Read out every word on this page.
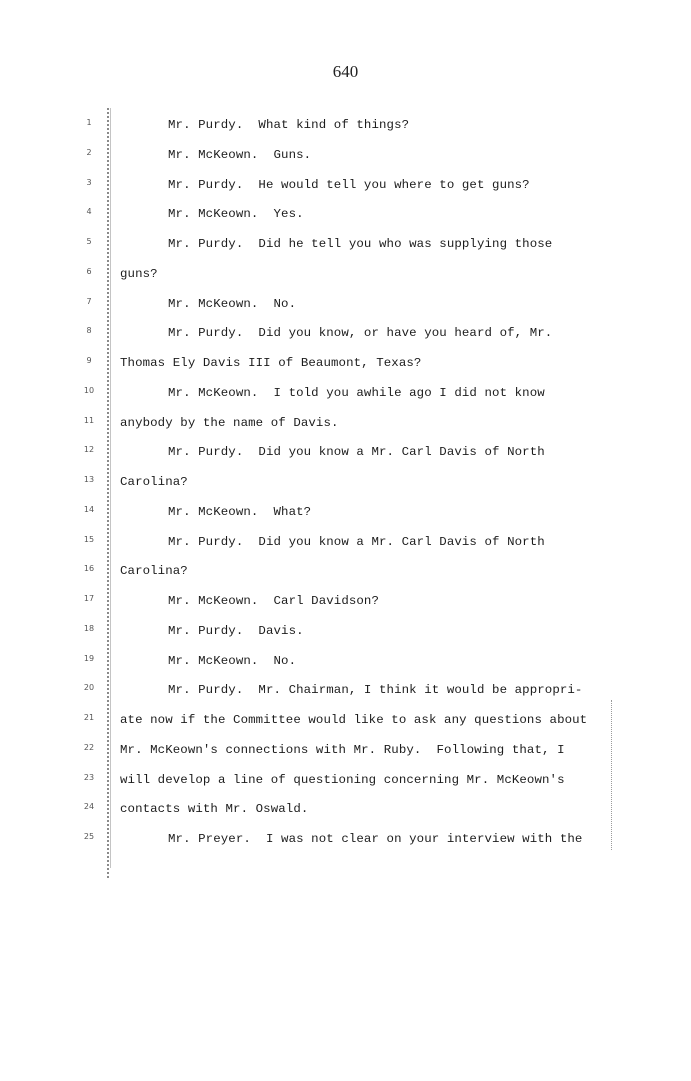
640
1
2
3
4
5
6
7
8
9
10
11
12
13
14
15
16
17
18
19
20
21
22
23
24
25
Mr. Purdy.  What kind of things?
Mr. McKeown.  Guns.
Mr. Purdy.  He would tell you where to get guns?
Mr. McKeown.  Yes.
Mr. Purdy.  Did he tell you who was supplying those
guns?
Mr. McKeown.  No.
Mr. Purdy.  Did you know, or have you heard of, Mr.
Thomas Ely Davis III of Beaumont, Texas?
Mr. McKeown.  I told you awhile ago I did not know
anybody by the name of Davis.
Mr. Purdy.  Did you know a Mr. Carl Davis of North
Carolina?
Mr. McKeown.  What?
Mr. Purdy.  Did you know a Mr. Carl Davis of North
Carolina?
Mr. McKeown.  Carl Davidson?
Mr. Purdy.  Davis.
Mr. McKeown.  No.
Mr. Purdy.  Mr. Chairman, I think it would be appropri-
ate now if the Committee would like to ask any questions about
Mr. McKeown's connections with Mr. Ruby.  Following that, I
will develop a line of questioning concerning Mr. McKeown's
contacts with Mr. Oswald.
Mr. Preyer.  I was not clear on your interview with the
